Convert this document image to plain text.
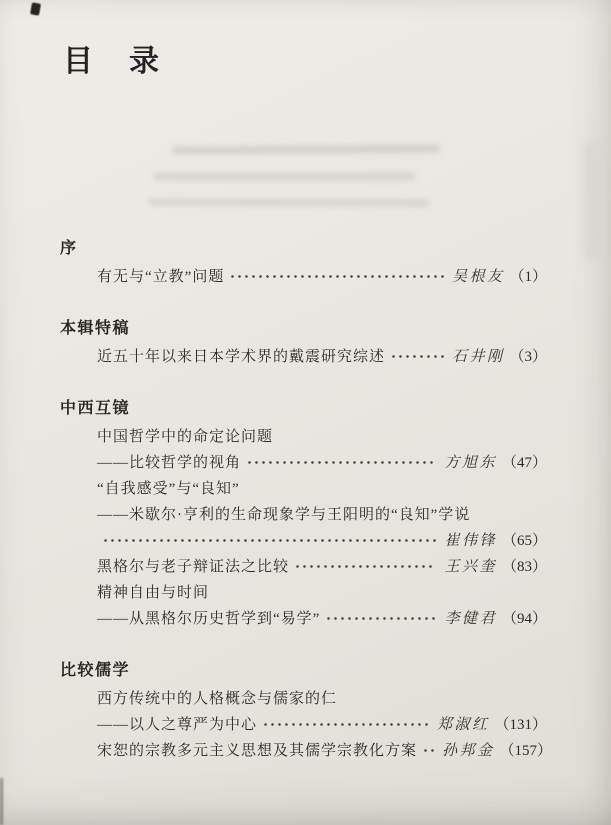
目　录
序
有无与“立教”问题	吴根友 （1）
本辑特稿
近五十年以来日本学术界的戴震研究综述	石井刚 （3）
中西互镜
中国哲学中的命定论问题
——比较哲学的视角	方旭东 （47）
“自我感受”与“良知”
——米歇尔·亨利的生命现象学与王阳明的“良知”学说
崔伟锋 （65）
黑格尔与老子辩证法之比较	王兴奎 （83）
精神自由与时间
——从黑格尔历史哲学到“易学”	李健君 （94）
比较儒学
西方传统中的人格概念与儒家的仁
——以人之尊严为中心	郑淑红 （131）
宋恕的宗教多元主义思想及其儒学宗教化方案 孙邦金 （157）
